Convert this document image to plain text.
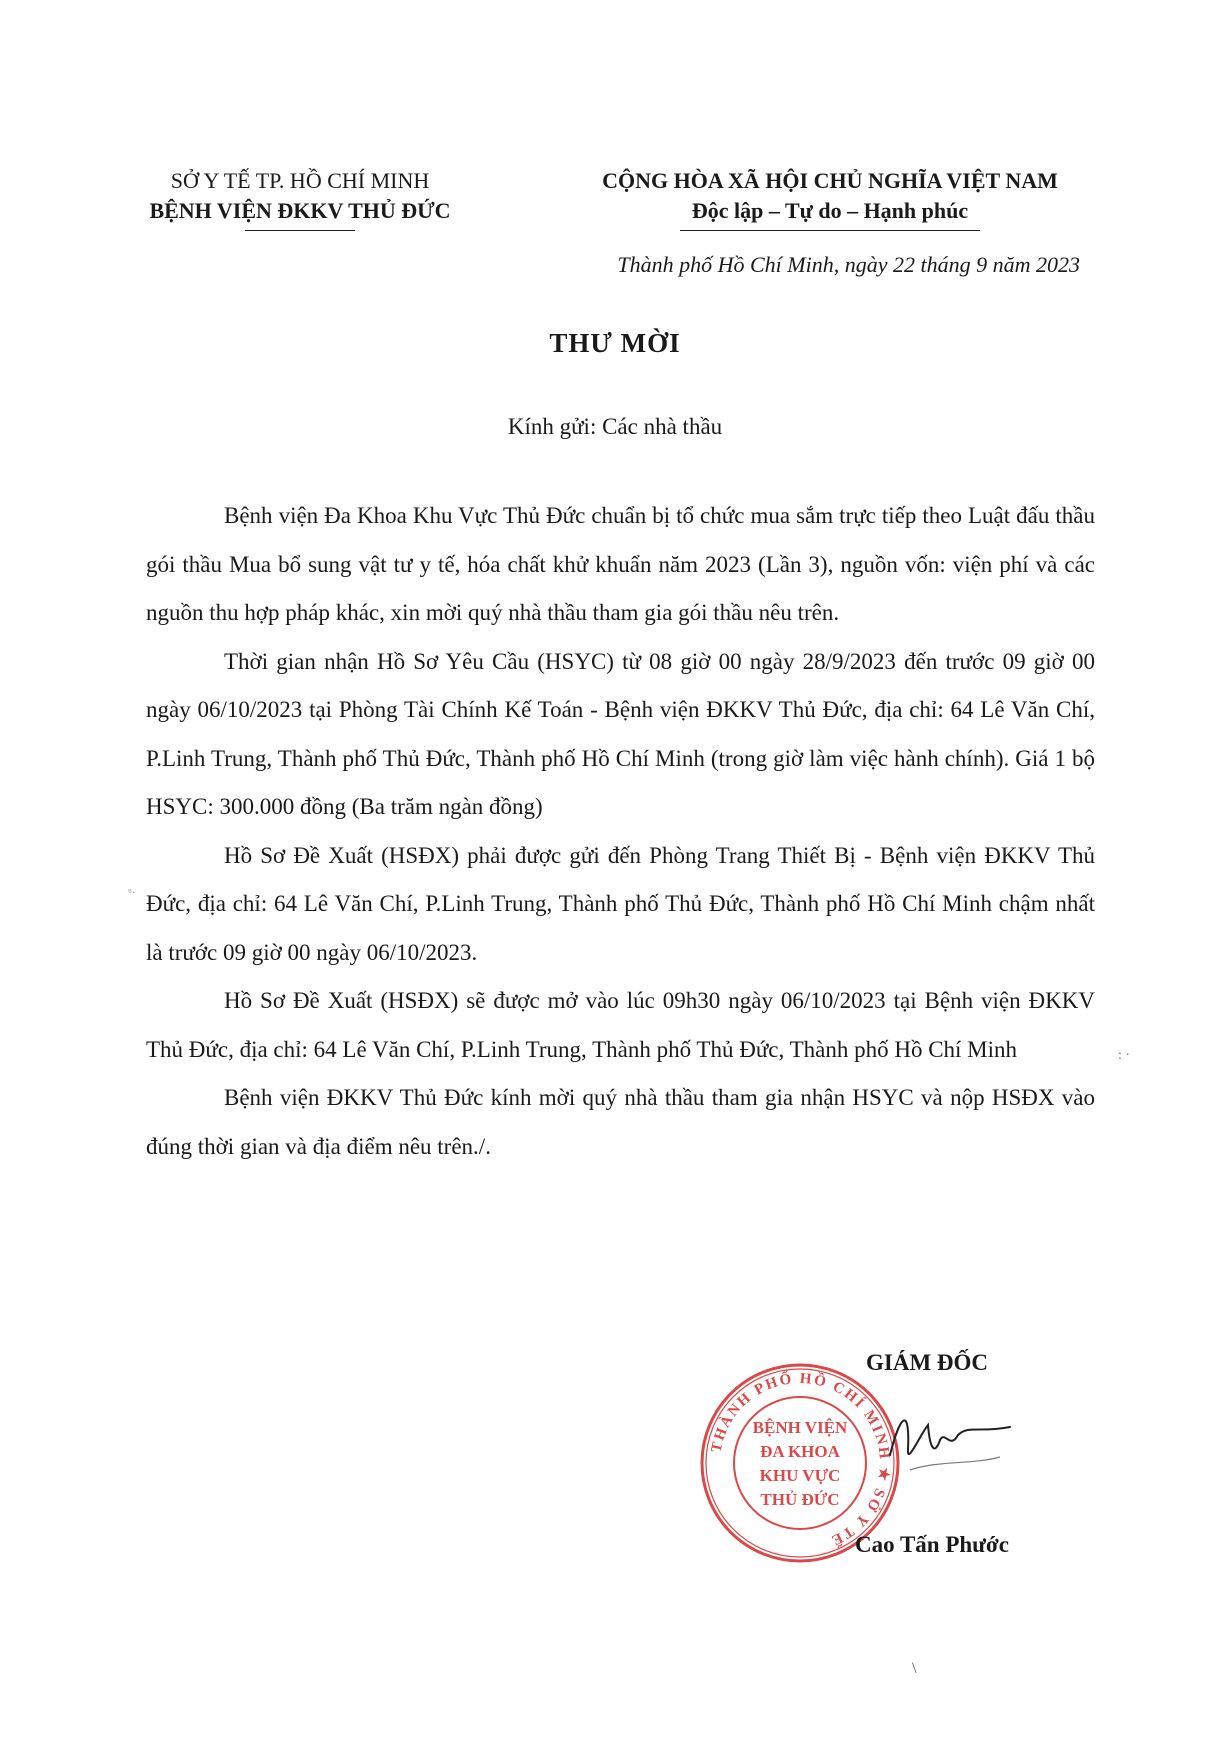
SỞ Y TẾ TP. HỒ CHÍ MINH
BỆNH VIỆN ĐKKV THỦ ĐỨC
CỘNG HÒA XÃ HỘI CHỦ NGHĨA VIỆT NAM
Độc lập – Tự do – Hạnh phúc
Thành phố Hồ Chí Minh, ngày 22 tháng 9 năm 2023
THƯ MỜI
Kính gửi: Các nhà thầu

Bệnh viện Đa Khoa Khu Vực Thủ Đức chuẩn bị tổ chức mua sắm trực tiếp theo Luật đấu thầu gói thầu Mua bổ sung vật tư y tế, hóa chất khử khuẩn năm 2023 (Lần 3), nguồn vốn: viện phí và các nguồn thu hợp pháp khác, xin mời quý nhà thầu tham gia gói thầu nêu trên.

Thời gian nhận Hồ Sơ Yêu Cầu (HSYC) từ 08 giờ 00 ngày 28/9/2023 đến trước 09 giờ 00 ngày 06/10/2023 tại Phòng Tài Chính Kế Toán - Bệnh viện ĐKKV Thủ Đức, địa chỉ: 64 Lê Văn Chí, P.Linh Trung, Thành phố Thủ Đức, Thành phố Hồ Chí Minh (trong giờ làm việc hành chính). Giá 1 bộ HSYC: 300.000 đồng (Ba trăm ngàn đồng)

Hồ Sơ Đề Xuất (HSĐX) phải được gửi đến Phòng Trang Thiết Bị - Bệnh viện ĐKKV Thủ Đức, địa chỉ: 64 Lê Văn Chí, P.Linh Trung, Thành phố Thủ Đức, Thành phố Hồ Chí Minh chậm nhất là trước 09 giờ 00 ngày 06/10/2023.

Hồ Sơ Đề Xuất (HSĐX) sẽ được mở vào lúc 09h30 ngày 06/10/2023 tại Bệnh viện ĐKKV Thủ Đức, địa chỉ: 64 Lê Văn Chí, P.Linh Trung, Thành phố Thủ Đức, Thành phố Hồ Chí Minh

Bệnh viện ĐKKV Thủ Đức kính mời quý nhà thầu tham gia nhận HSYC và nộp HSĐX vào đúng thời gian và địa điểm nêu trên./.

GIÁM ĐỐC
THÀNH PHỐ HỒ CHÍ MINH ★ SỞ Y TẾ
BỆNH VIỆN
ĐA KHOA
KHU VỰC
THỦ ĐỨC
Cao Tấn Phước
: ·
ᵘ·
\
